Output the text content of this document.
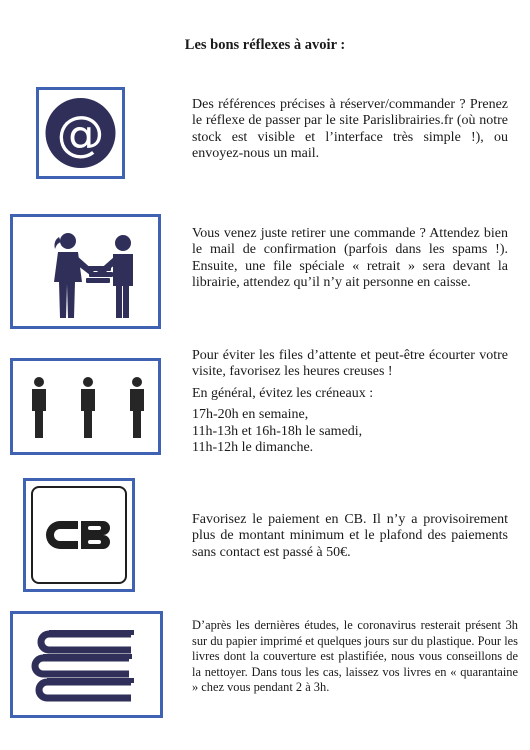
Les bons réflexes à avoir :
@

Des références précises à réserver/commander ? Prenez le réflexe de passer par le site Parislibrairies.fr (où notre stock est visible et l’interface très simple !), ou envoyez-nous un mail.

Vous venez juste retirer une commande ? Attendez bien le mail de confirmation (parfois dans les spams !). Ensuite, une file spéciale « retrait » sera devant la librairie, attendez qu’il n’y ait personne en caisse.

Pour éviter les files d’attente et peut-être écourter votre visite, favorisez les heures creuses !

En général, évitez les créneaux :

17h-20h en semaine,
11h-13h et 16h-18h le samedi,
11h-12h le dimanche.

CB

Favorisez le paiement en CB. Il n’y a provisoirement plus de montant minimum et le plafond des paiements sans contact est passé à 50€.

D’après les dernières études, le coronavirus resterait présent 3h sur du papier imprimé et quelques jours sur du plastique. Pour les livres dont la couverture est plastifiée, nous vous conseillons de la nettoyer. Dans tous les cas, laissez vos livres en « quarantaine » chez vous pendant 2 à 3h.
